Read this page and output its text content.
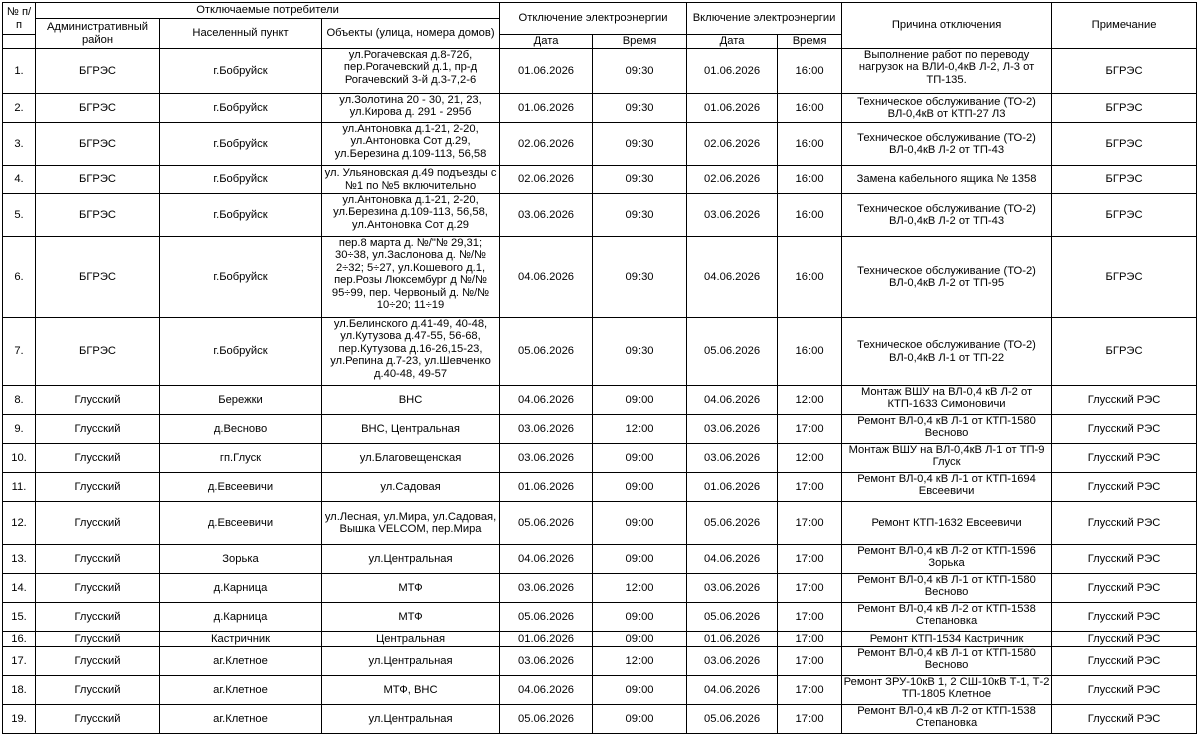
№ п/п	Отключаемые потребители			Отключение электроэнергии		Включение электроэнергии		Причина отключения	Примечание
	Административный район	Населенный пункт	Объекты (улица, номера домов)						
				Дата	Время	Дата	Время		
1.	БГРЭС	г.Бобруйск	ул.Рогачевская д.8-72б, пер.Рогачевский д.1, пр-д Рогачевский 3-й д.3-7,2-6	01.06.2026	09:30	01.06.2026	16:00	Выполнение работ по переводу нагрузок на ВЛИ-0,4кВ Л-2, Л-3 от ТП-135.	БГРЭС
2.	БГРЭС	г.Бобруйск	ул.Золотина 20 - 30, 21, 23, ул.Кирова д. 291 - 295б	01.06.2026	09:30	01.06.2026	16:00	Техническое обслуживание (ТО-2) ВЛ-0,4кВ от КТП-27 Л3	БГРЭС
3.	БГРЭС	г.Бобруйск	ул.Антоновка д.1-21, 2-20, ул.Антоновка Сот д.29, ул.Березина д.109-113, 56,58	02.06.2026	09:30	02.06.2026	16:00	Техническое обслуживание (ТО-2) ВЛ-0,4кВ Л-2 от ТП-43	БГРЭС
4.	БГРЭС	г.Бобруйск	ул. Ульяновская д.49 подъезды с №1 по №5 включительно	02.06.2026	09:30	02.06.2026	16:00	Замена кабельного ящика № 1358	БГРЭС
5.	БГРЭС	г.Бобруйск	ул.Антоновка д.1-21, 2-20, ул.Березина д.109-113, 56,58, ул.Антоновка Сот д.29	03.06.2026	09:30	03.06.2026	16:00	Техническое обслуживание (ТО-2) ВЛ-0,4кВ Л-2 от ТП-43	БГРЭС
6.	БГРЭС	г.Бобруйск	пер.8 марта д. №/"№ 29,31; 30÷38, ул.Заслонова д. №/№ 2÷32; 5÷27, ул.Кошевого д.1, пер.Розы Люксембург д №/№ 95÷99, пер. Червоный д. №/№ 10÷20; 11÷19	04.06.2026	09:30	04.06.2026	16:00	Техническое обслуживание (ТО-2) ВЛ-0,4кВ Л-2 от ТП-95	БГРЭС
7.	БГРЭС	г.Бобруйск	ул.Белинского д.41-49, 40-48, ул.Кутузова д.47-55, 56-68, пер.Кутузова д.16-26,15-23, ул.Репина д.7-23, ул.Шевченко д.40-48, 49-57	05.06.2026	09:30	05.06.2026	16:00	Техническое обслуживание (ТО-2) ВЛ-0,4кВ Л-1 от ТП-22	БГРЭС
8.	Глусский	Бережки	ВНС	04.06.2026	09:00	04.06.2026	12:00	Монтаж ВШУ на ВЛ-0,4 кВ Л-2 от КТП-1633 Симоновичи	Глусский РЭС
9.	Глусский	д.Весново	ВНС, Центральная	03.06.2026	12:00	03.06.2026	17:00	Ремонт ВЛ-0,4 кВ Л-1 от КТП-1580 Весново	Глусский РЭС
10.	Глусский	гп.Глуск	ул.Благовещенская	03.06.2026	09:00	03.06.2026	12:00	Монтаж ВШУ на ВЛ-0,4кВ Л-1 от ТП-9 Глуск	Глусский РЭС
11.	Глусский	д.Евсеевичи	ул.Садовая	01.06.2026	09:00	01.06.2026	17:00	Ремонт ВЛ-0,4 кВ Л-1 от КТП-1694 Евсеевичи	Глусский РЭС
12.	Глусский	д.Евсеевичи	ул.Лесная, ул.Мира, ул.Садовая, Вышка VELCOM, пер.Мира	05.06.2026	09:00	05.06.2026	17:00	Ремонт КТП-1632 Евсеевичи	Глусский РЭС
13.	Глусский	Зорька	ул.Центральная	04.06.2026	09:00	04.06.2026	17:00	Ремонт ВЛ-0,4 кВ Л-2 от КТП-1596 Зорька	Глусский РЭС
14.	Глусский	д.Карница	МТФ	03.06.2026	12:00	03.06.2026	17:00	Ремонт ВЛ-0,4 кВ Л-1 от КТП-1580 Весново	Глусский РЭС
15.	Глусский	д.Карница	МТФ	05.06.2026	09:00	05.06.2026	17:00	Ремонт ВЛ-0,4 кВ Л-2 от КТП-1538 Степановка	Глусский РЭС
16.	Глусский	Кастричник	Центральная	01.06.2026	09:00	01.06.2026	17:00	Ремонт КТП-1534 Кастричник	Глусский РЭС
17.	Глусский	аг.Клетное	ул.Центральная	03.06.2026	12:00	03.06.2026	17:00	Ремонт ВЛ-0,4 кВ Л-1 от КТП-1580 Весново	Глусский РЭС
18.	Глусский	аг.Клетное	МТФ, ВНС	04.06.2026	09:00	04.06.2026	17:00	Ремонт ЗРУ-10кВ 1, 2 СШ-10кВ Т-1, Т-2 ТП-1805 Клетное	Глусский РЭС
19.	Глусский	аг.Клетное	ул.Центральная	05.06.2026	09:00	05.06.2026	17:00	Ремонт ВЛ-0,4 кВ Л-2 от КТП-1538 Степановка	Глусский РЭС
